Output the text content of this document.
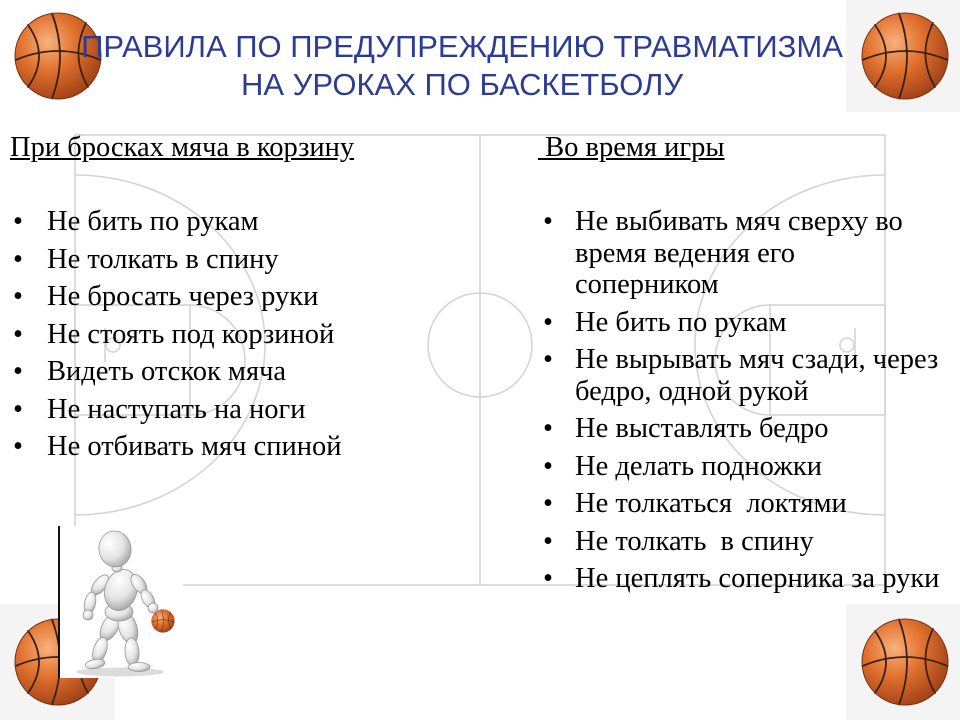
ПРАВИЛА ПО ПРЕДУПРЕЖДЕНИЮ ТРАВМАТИЗМА
НА УРОКАХ ПО БАСКЕТБОЛУ
При бросках мяча в корзину
• Не бить по рукам
• Не толкать в спину
• Не бросать через руки
• Не стоять под корзиной
• Видеть отскок мяча
• Не наступать на ноги
• Не отбивать мяч спиной
Во время игры
• Не выбивать мяч сверху во время ведения его соперником
• Не бить по рукам
• Не вырывать мяч сзади, через бедро, одной рукой
• Не выставлять бедро
• Не делать подножки
• Не толкаться  локтями
• Не толкать  в спину
• Не цеплять соперника за руки
